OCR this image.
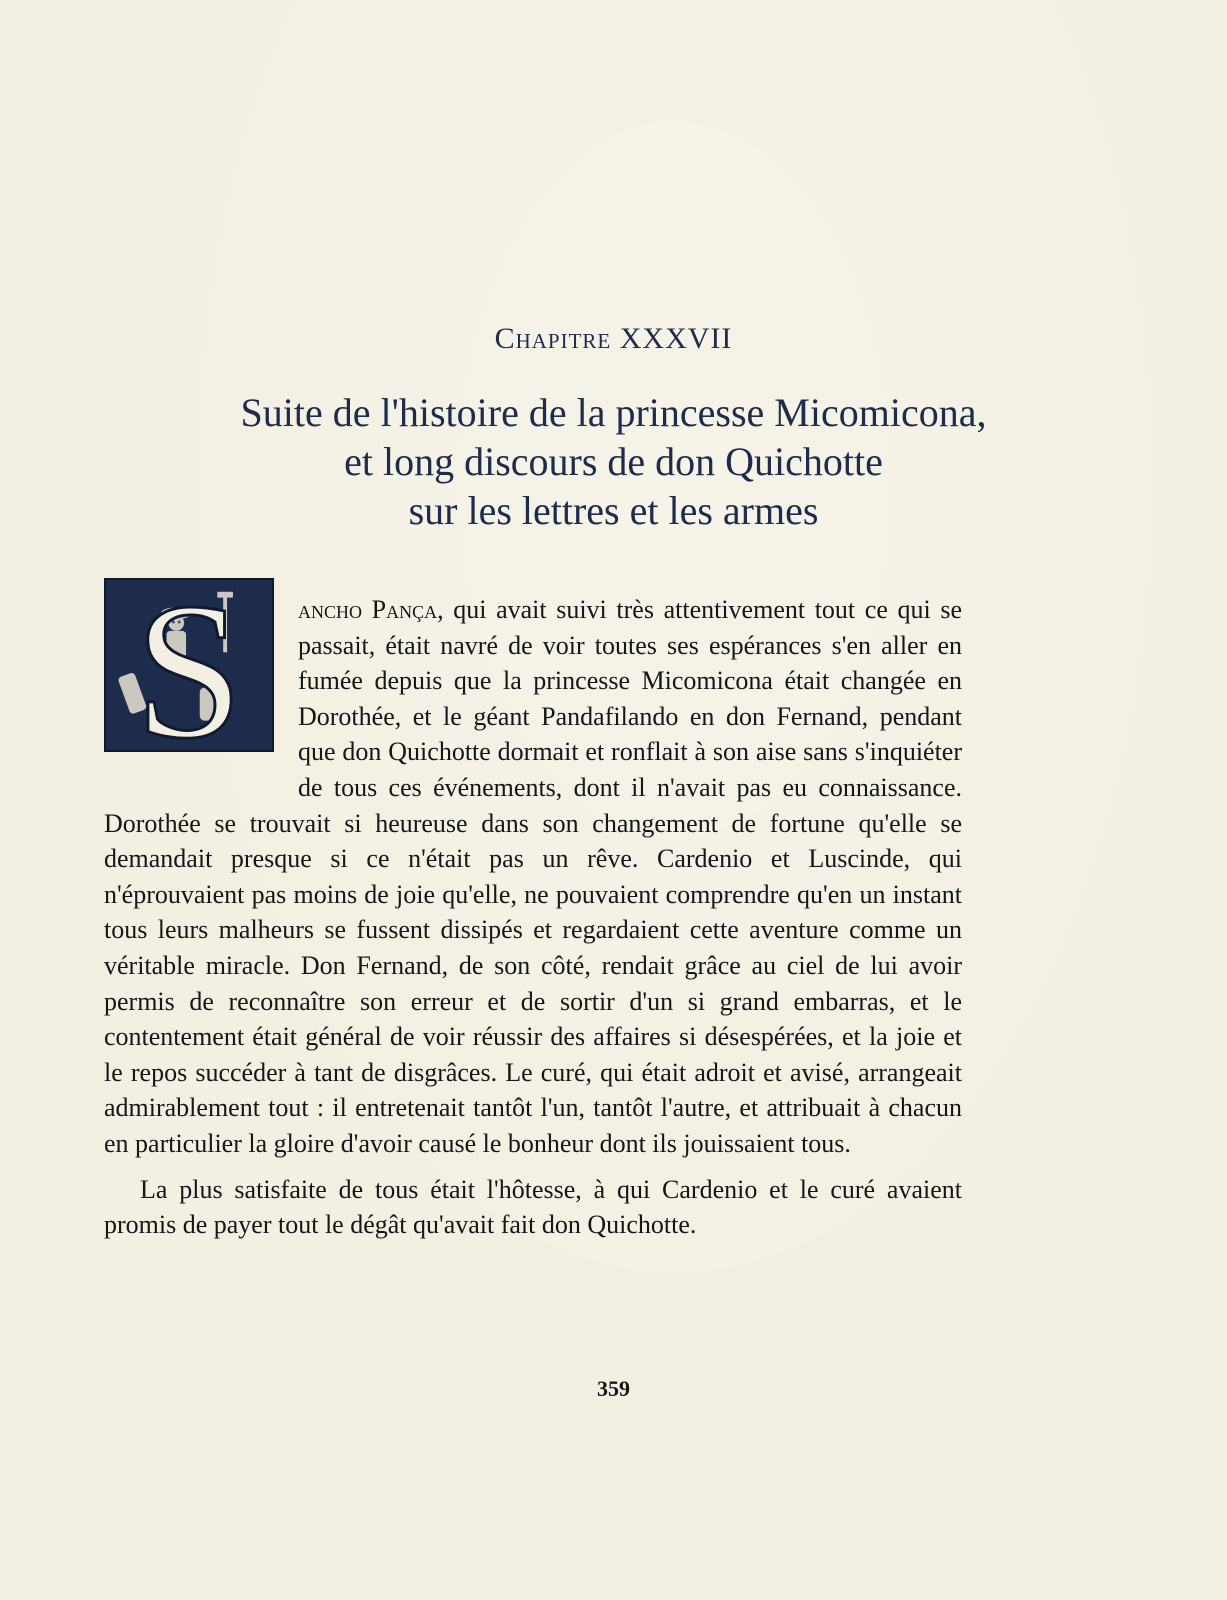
Chapitre XXXVII
Suite de l'histoire de la princesse Micomicona,
et long discours de don Quichotte
sur les lettres et les armes
S	ancho Pança, qui avait suivi très attentivement tout ce qui se passait, était navré de voir toutes ses espérances s'en aller en fumée depuis que la princesse Micomicona était changée en Dorothée, et le géant Pandafilando en don Fernand, pendant que don Quichotte dormait et ronflait à son aise sans s'inquiéter de tous ces événements, dont il n'avait pas eu connaissance. Dorothée se trouvait si heureuse dans son changement de fortune qu'elle se demandait presque si ce n'était pas un rêve. Cardenio et Luscinde, qui n'éprouvaient pas moins de joie qu'elle, ne pouvaient comprendre qu'en un instant tous leurs malheurs se fussent dissipés et regardaient cette aventure comme un véritable miracle. Don Fernand, de son côté, rendait grâce au ciel de lui avoir permis de reconnaître son erreur et de sortir d'un si grand embarras, et le contentement était général de voir réussir des affaires si désespérées, et la joie et le repos succéder à tant de disgrâces. Le curé, qui était adroit et avisé, arrangeait admirablement tout : il entretenait tantôt l'un, tantôt l'autre, et attribuait à chacun en particulier la gloire d'avoir causé le bonheur dont ils jouissaient tous.

La plus satisfaite de tous était l'hôtesse, à qui Cardenio et le curé avaient promis de payer tout le dégât qu'avait fait don Quichotte.

359
